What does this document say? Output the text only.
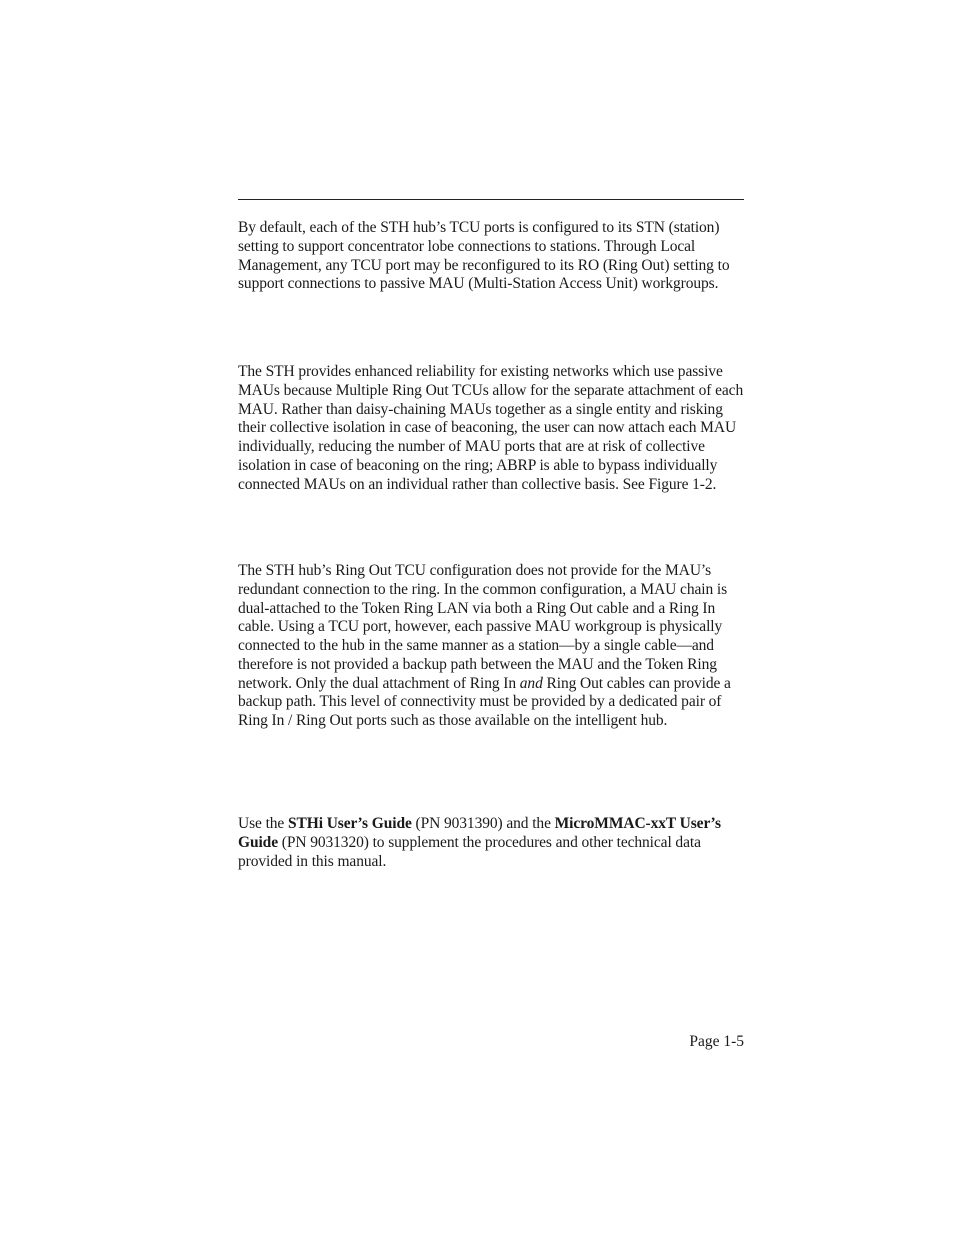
By default, each of the STH hub’s TCU ports is configured to its STN (station) setting to support concentrator lobe connections to stations. Through Local Management, any TCU port may be reconfigured to its RO (Ring Out) setting to support connections to passive MAU (Multi-Station Access Unit) workgroups.

The STH provides enhanced reliability for existing networks which use passive MAUs because Multiple Ring Out TCUs allow for the separate attachment of each MAU. Rather than daisy-chaining MAUs together as a single entity and risking their collective isolation in case of beaconing, the user can now attach each MAU individually, reducing the number of MAU ports that are at risk of collective isolation in case of beaconing on the ring; ABRP is able to bypass individually connected MAUs on an individual rather than collective basis. See Figure 1-2.

The STH hub’s Ring Out TCU configuration does not provide for the MAU’s redundant connection to the ring. In the common configuration, a MAU chain is dual-attached to the Token Ring LAN via both a Ring Out cable and a Ring In cable. Using a TCU port, however, each passive MAU workgroup is physically connected to the hub in the same manner as a station—by a single cable—and therefore is not provided a backup path between the MAU and the Token Ring network. Only the dual attachment of Ring In and Ring Out cables can provide a backup path. This level of connectivity must be provided by a dedicated pair of Ring In / Ring Out ports such as those available on the intelligent hub.

Use the STHi User’s Guide (PN 9031390) and the MicroMMAC-xxT User’s Guide (PN 9031320) to supplement the procedures and other technical data provided in this manual.

Page 1-5
